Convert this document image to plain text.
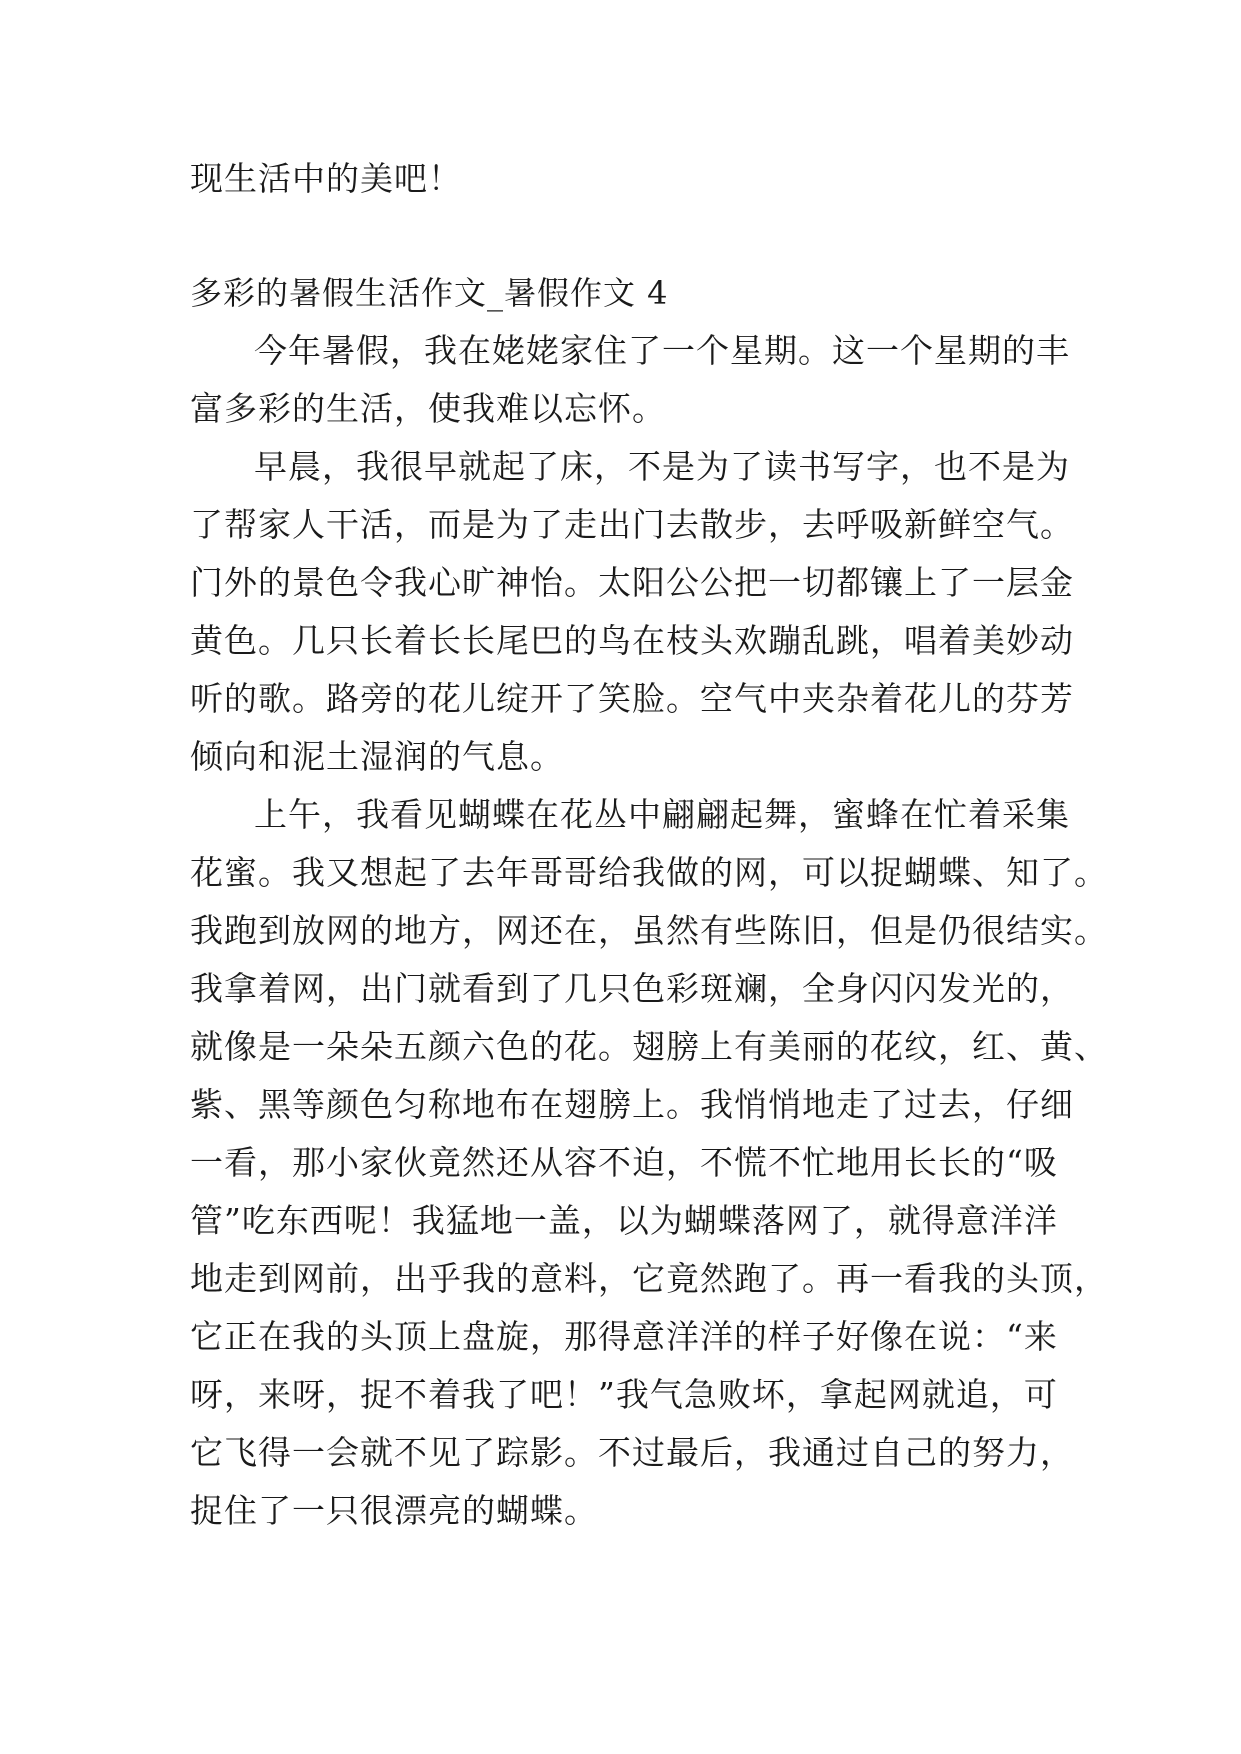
现生活中的美吧！
多彩的暑假生活作文_暑假作文 4
今年暑假，我在姥姥家住了一个星期。这一个星期的丰
富多彩的生活，使我难以忘怀。
早晨，我很早就起了床，不是为了读书写字，也不是为
了帮家人干活，而是为了走出门去散步，去呼吸新鲜空气。
门外的景色令我心旷神怡。太阳公公把一切都镶上了一层金
黄色。几只长着长长尾巴的鸟在枝头欢蹦乱跳，唱着美妙动
听的歌。路旁的花儿绽开了笑脸。空气中夹杂着花儿的芬芳
倾向和泥土湿润的气息。
上午，我看见蝴蝶在花丛中翩翩起舞，蜜蜂在忙着采集
花蜜。我又想起了去年哥哥给我做的网，可以捉蝴蝶、知了。
我跑到放网的地方，网还在，虽然有些陈旧，但是仍很结实。
我拿着网，出门就看到了几只色彩斑斓，全身闪闪发光的，
就像是一朵朵五颜六色的花。翅膀上有美丽的花纹，红、黄、
紫、黑等颜色匀称地布在翅膀上。我悄悄地走了过去，仔细
一看，那小家伙竟然还从容不迫，不慌不忙地用长长的“吸
管”吃东西呢！我猛地一盖，以为蝴蝶落网了，就得意洋洋
地走到网前，出乎我的意料，它竟然跑了。再一看我的头顶，
它正在我的头顶上盘旋，那得意洋洋的样子好像在说：“来
呀，来呀，捉不着我了吧！”我气急败坏，拿起网就追，可
它飞得一会就不见了踪影。不过最后，我通过自己的努力，
捉住了一只很漂亮的蝴蝶。
